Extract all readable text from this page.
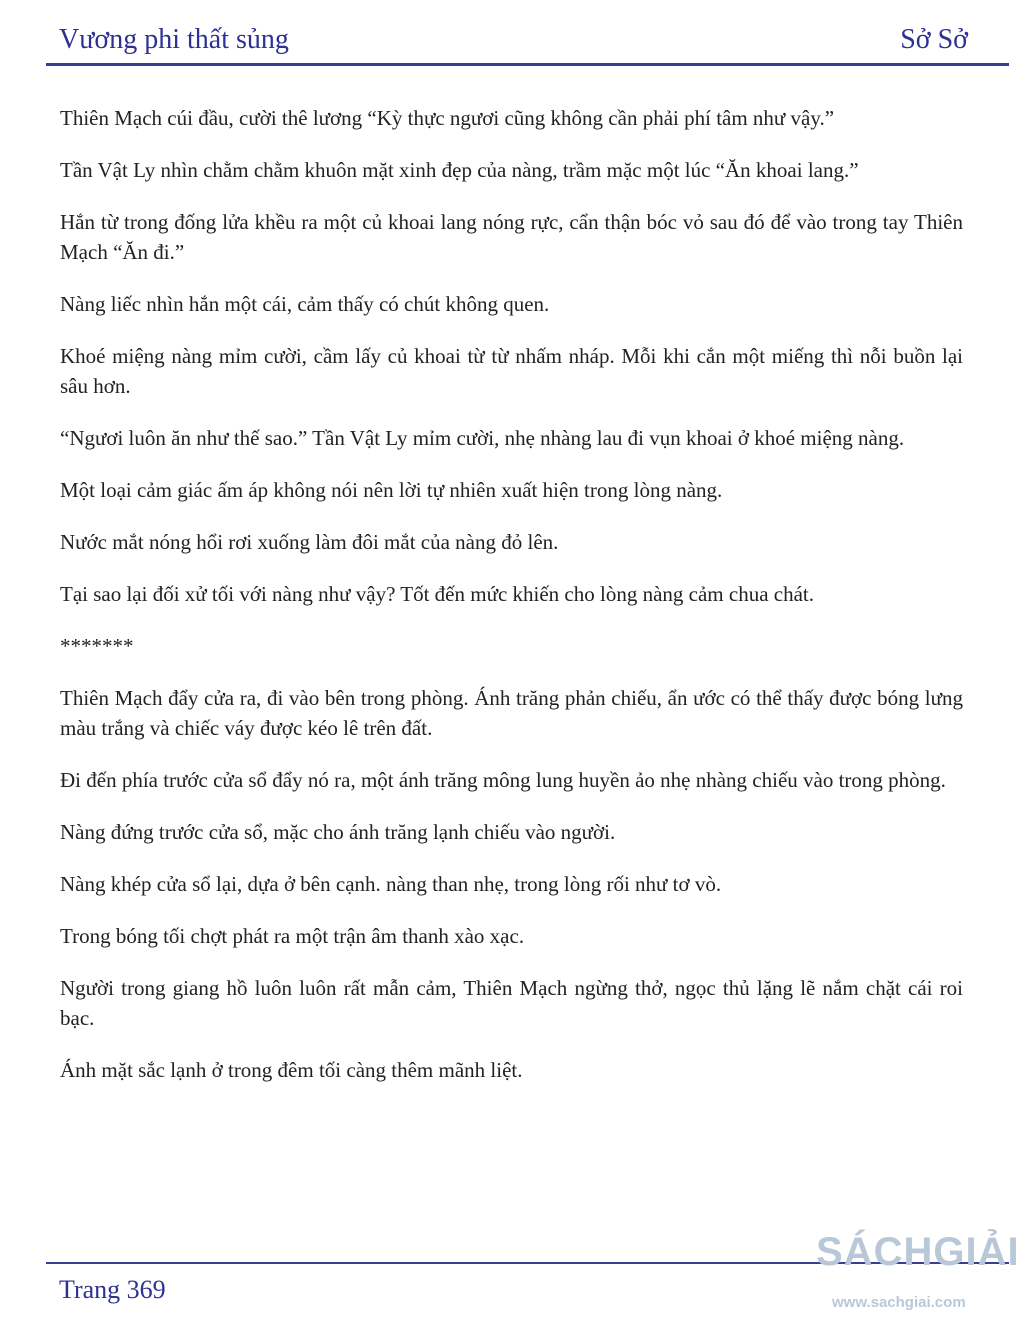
Vương phi thất sủng	Sở Sở

Thiên Mạch cúi đầu, cười thê lương “Kỳ thực ngươi cũng không cần phải phí tâm như vậy.”

Tần Vật Ly nhìn chằm chằm khuôn mặt xinh đẹp của nàng, trầm mặc một lúc “Ăn khoai lang.”

Hắn từ trong đống lửa khều ra một củ khoai lang nóng rực, cẩn thận bóc vỏ sau đó để vào trong tay Thiên Mạch “Ăn đi.”

Nàng liếc nhìn hắn một cái, cảm thấy có chút không quen.

Khoé miệng nàng mỉm cười, cầm lấy củ khoai từ từ nhấm nháp. Mỗi khi cắn một miếng thì nỗi buồn lại sâu hơn.

“Ngươi luôn ăn như thế sao.” Tần Vật Ly mỉm cười, nhẹ nhàng lau đi vụn khoai ở khoé miệng nàng.

Một loại cảm giác ấm áp không nói nên lời tự nhiên xuất hiện trong lòng nàng.

Nước mắt nóng hổi rơi xuống làm đôi mắt của nàng đỏ lên.

Tại sao lại đối xử tối với nàng như vậy? Tốt đến mức khiến cho lòng nàng cảm chua chát.

*******

Thiên Mạch đẩy cửa ra, đi vào bên trong phòng. Ánh trăng phản chiếu, ẩn ước có thể thấy được bóng lưng màu trắng và chiếc váy được kéo lê trên đất.

Đi đến phía trước cửa sổ đẩy nó ra, một ánh trăng mông lung huyền ảo nhẹ nhàng chiếu vào trong phòng.

Nàng đứng trước cửa sổ, mặc cho ánh trăng lạnh chiếu vào người.

Nàng khép cửa sổ lại, dựa ở bên cạnh. nàng than nhẹ, trong lòng rối như tơ vò.

Trong bóng tối chợt phát ra một trận âm thanh xào xạc.

Người trong giang hồ luôn luôn rất mẫn cảm, Thiên Mạch ngừng thở, ngọc thủ lặng lẽ nắm chặt cái roi bạc.

Ánh mặt sắc lạnh ở trong đêm tối càng thêm mãnh liệt.

Trang 369
SÁCHGIẢI
www.sachgiai.com
